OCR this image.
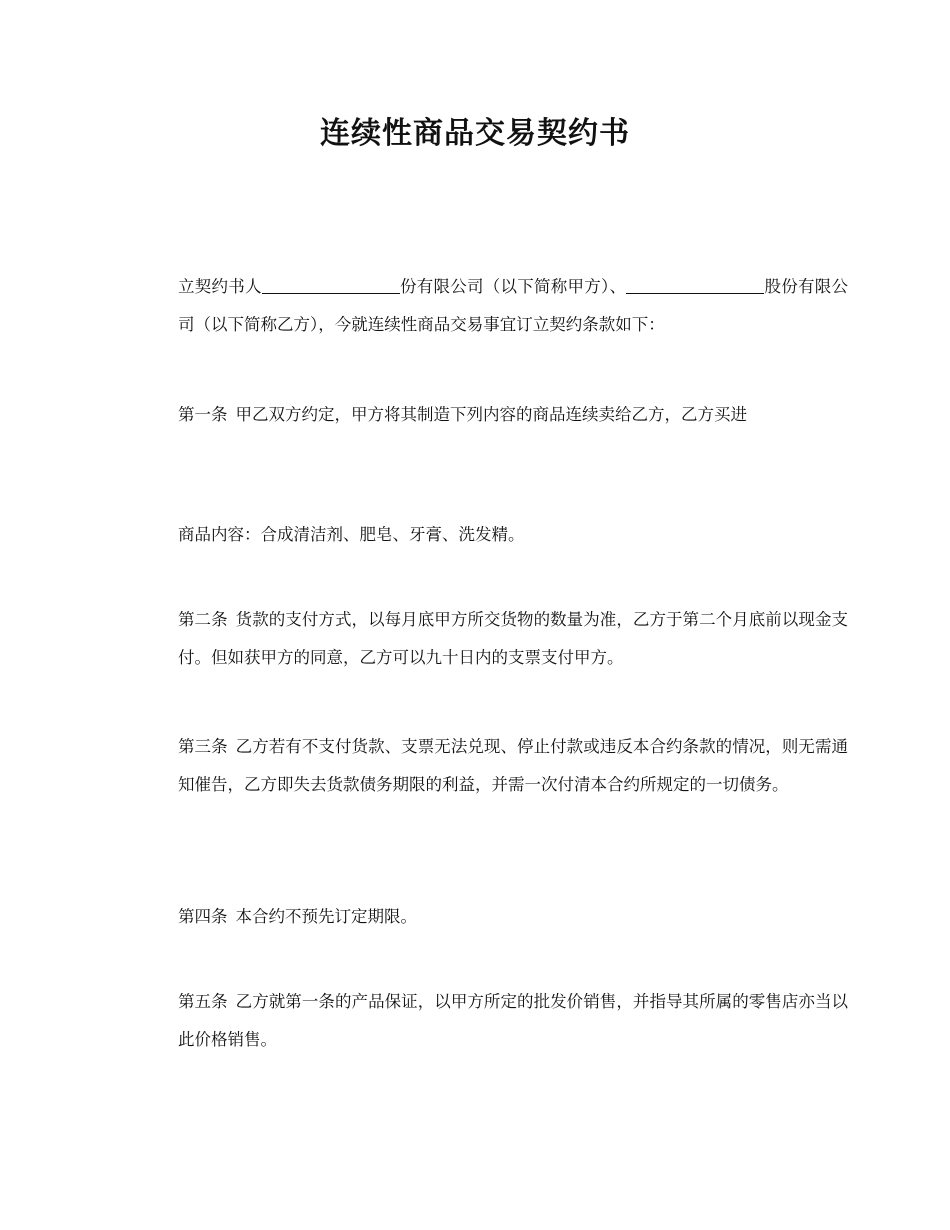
连续性商品交易契约书
立契约书人	份有限公司（以下简称甲方）、	股份有限公司（以下简称乙方），今就连续性商品交易事宜订立契约条款如下：
第一条 甲乙双方约定，甲方将其制造下列内容的商品连续卖给乙方，乙方买进
商品内容：合成清洁剂、肥皂、牙膏、洗发精。
第二条 货款的支付方式，以每月底甲方所交货物的数量为准，乙方于第二个月底前以现金支付。但如获甲方的同意，乙方可以九十日内的支票支付甲方。
第三条 乙方若有不支付货款、支票无法兑现、停止付款或违反本合约条款的情况，则无需通知催告，乙方即失去货款债务期限的利益，并需一次付清本合约所规定的一切债务。
第四条 本合约不预先订定期限。
第五条 乙方就第一条的产品保证，以甲方所定的批发价销售，并指导其所属的零售店亦当以此价格销售。
